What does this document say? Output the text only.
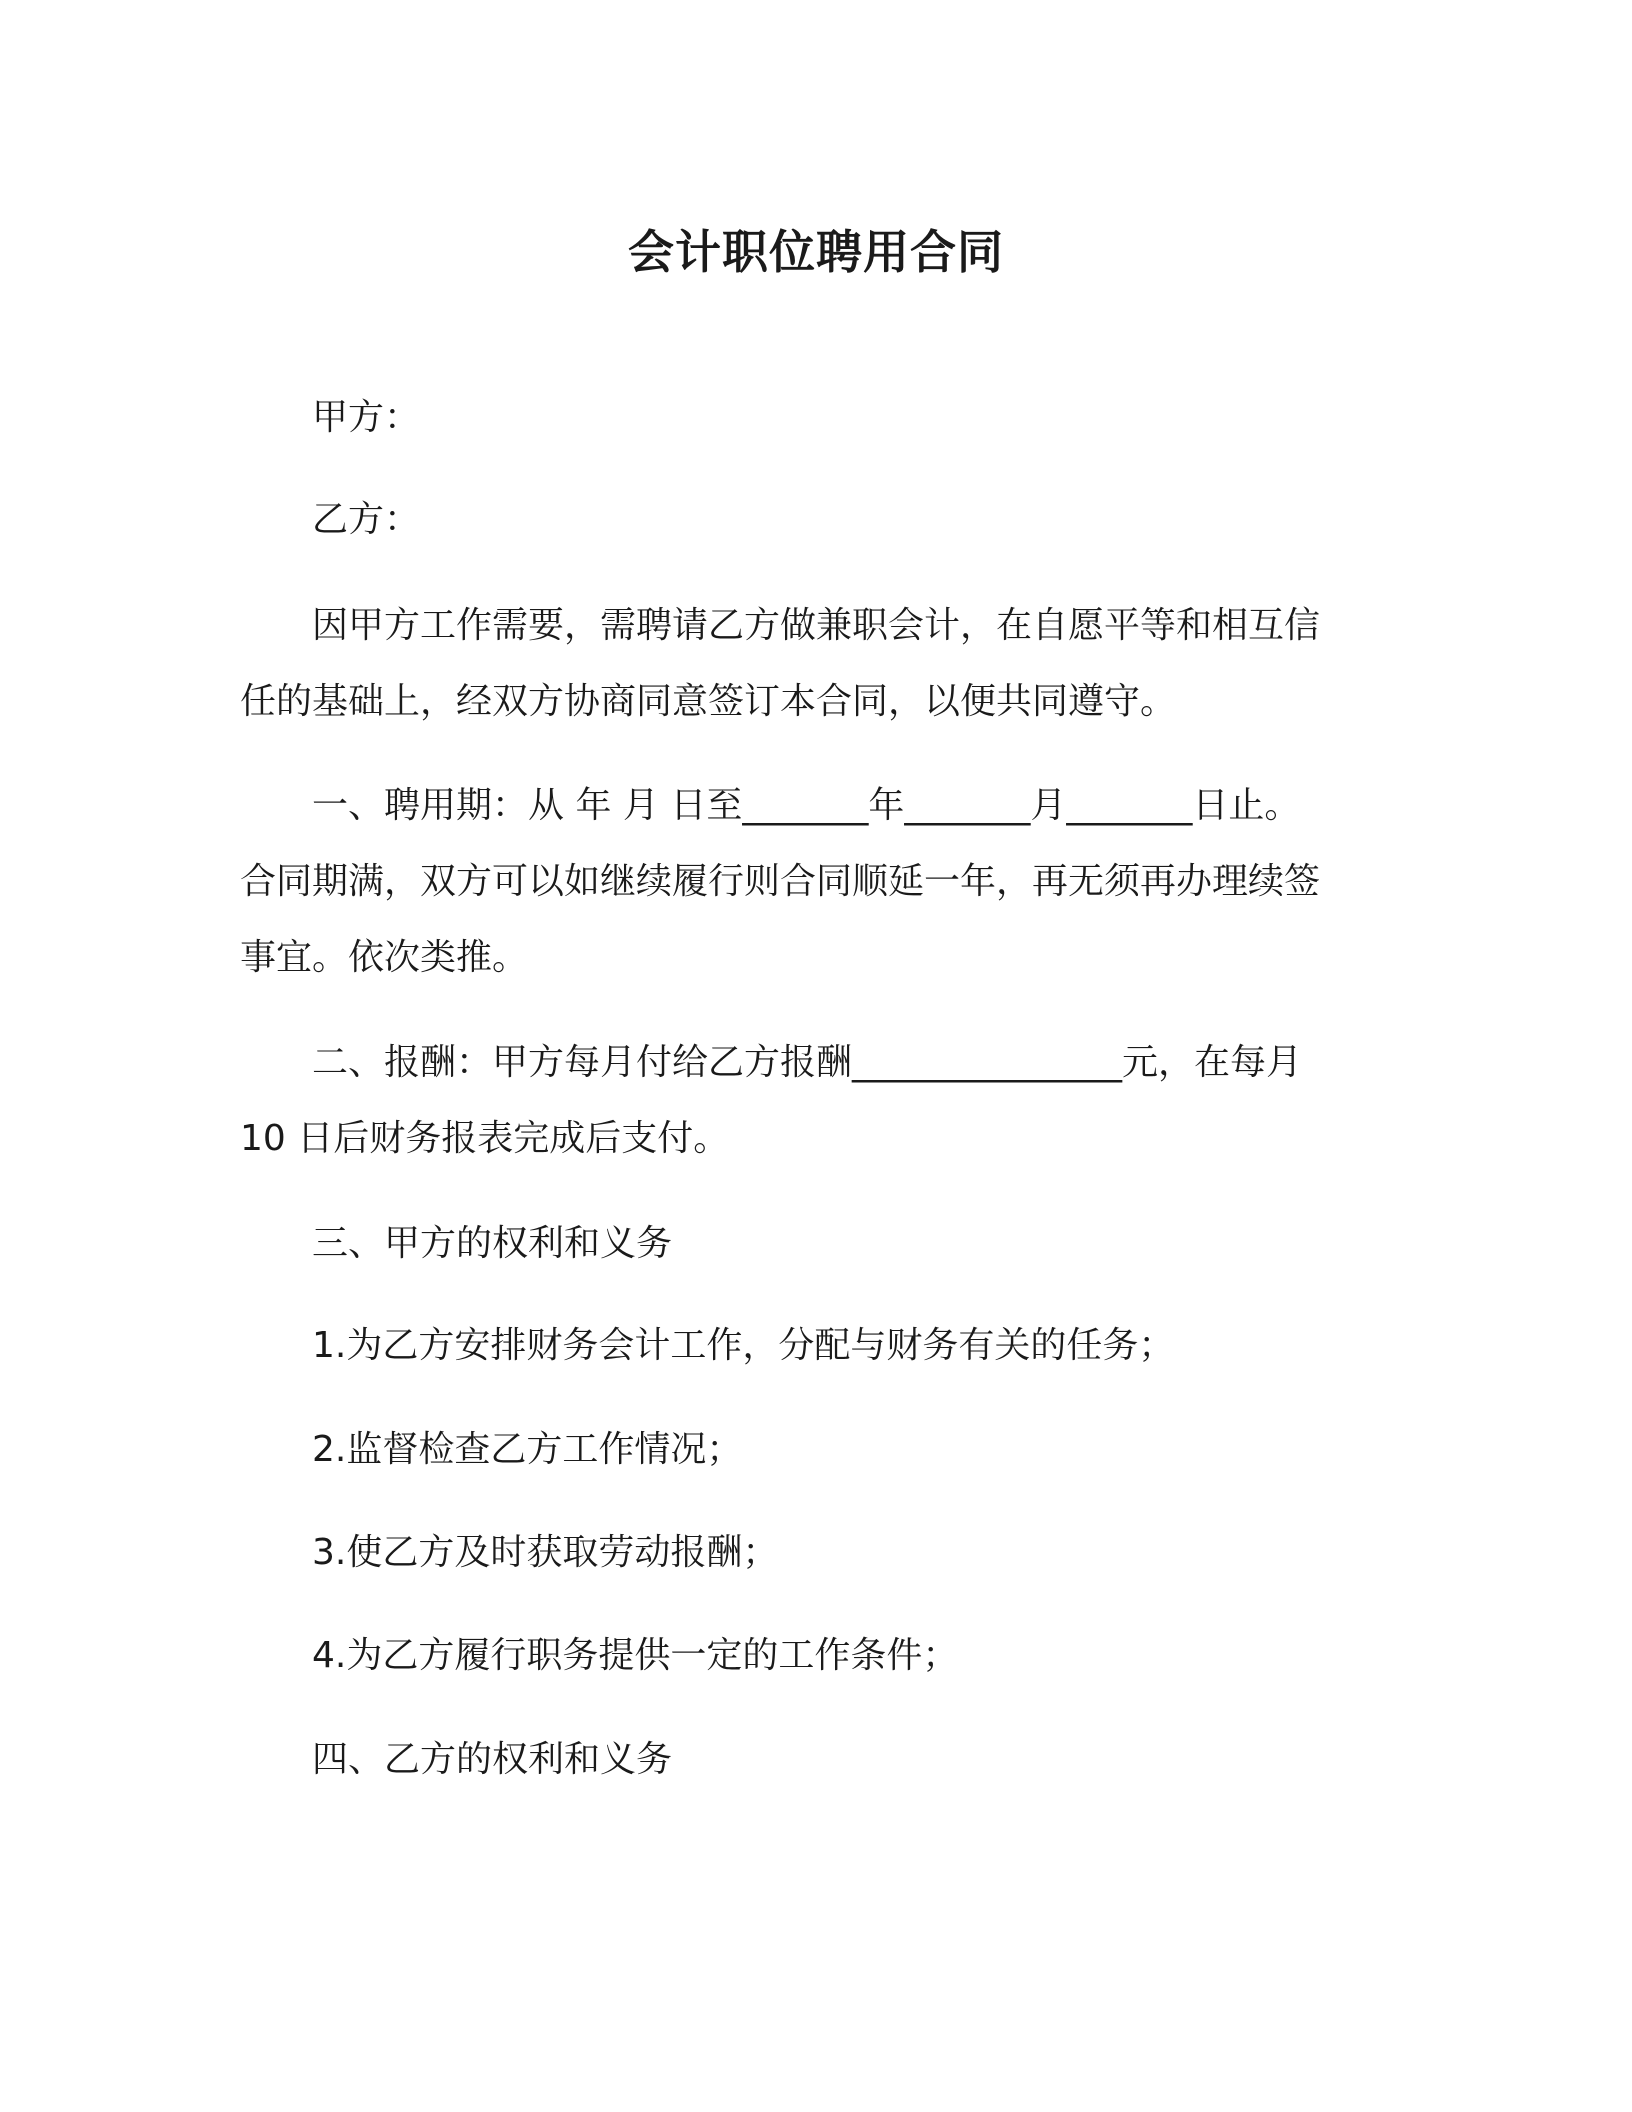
会计职位聘用合同

甲方：

乙方：

因甲方工作需要，需聘请乙方做兼职会计，在自愿平等和相互信
任的基础上，经双方协商同意签订本合同，以便共同遵守。

一、聘用期：从 年 月 日至_______年_______月_______日止。
合同期满，双方可以如继续履行则合同顺延一年，再无须再办理续签
事宜。依次类推。

二、报酬：甲方每月付给乙方报酬_______________元，在每月
10 日后财务报表完成后支付。

三、甲方的权利和义务

1.为乙方安排财务会计工作，分配与财务有关的任务；

2.监督检查乙方工作情况；

3.使乙方及时获取劳动报酬；

4.为乙方履行职务提供一定的工作条件；

四、乙方的权利和义务
